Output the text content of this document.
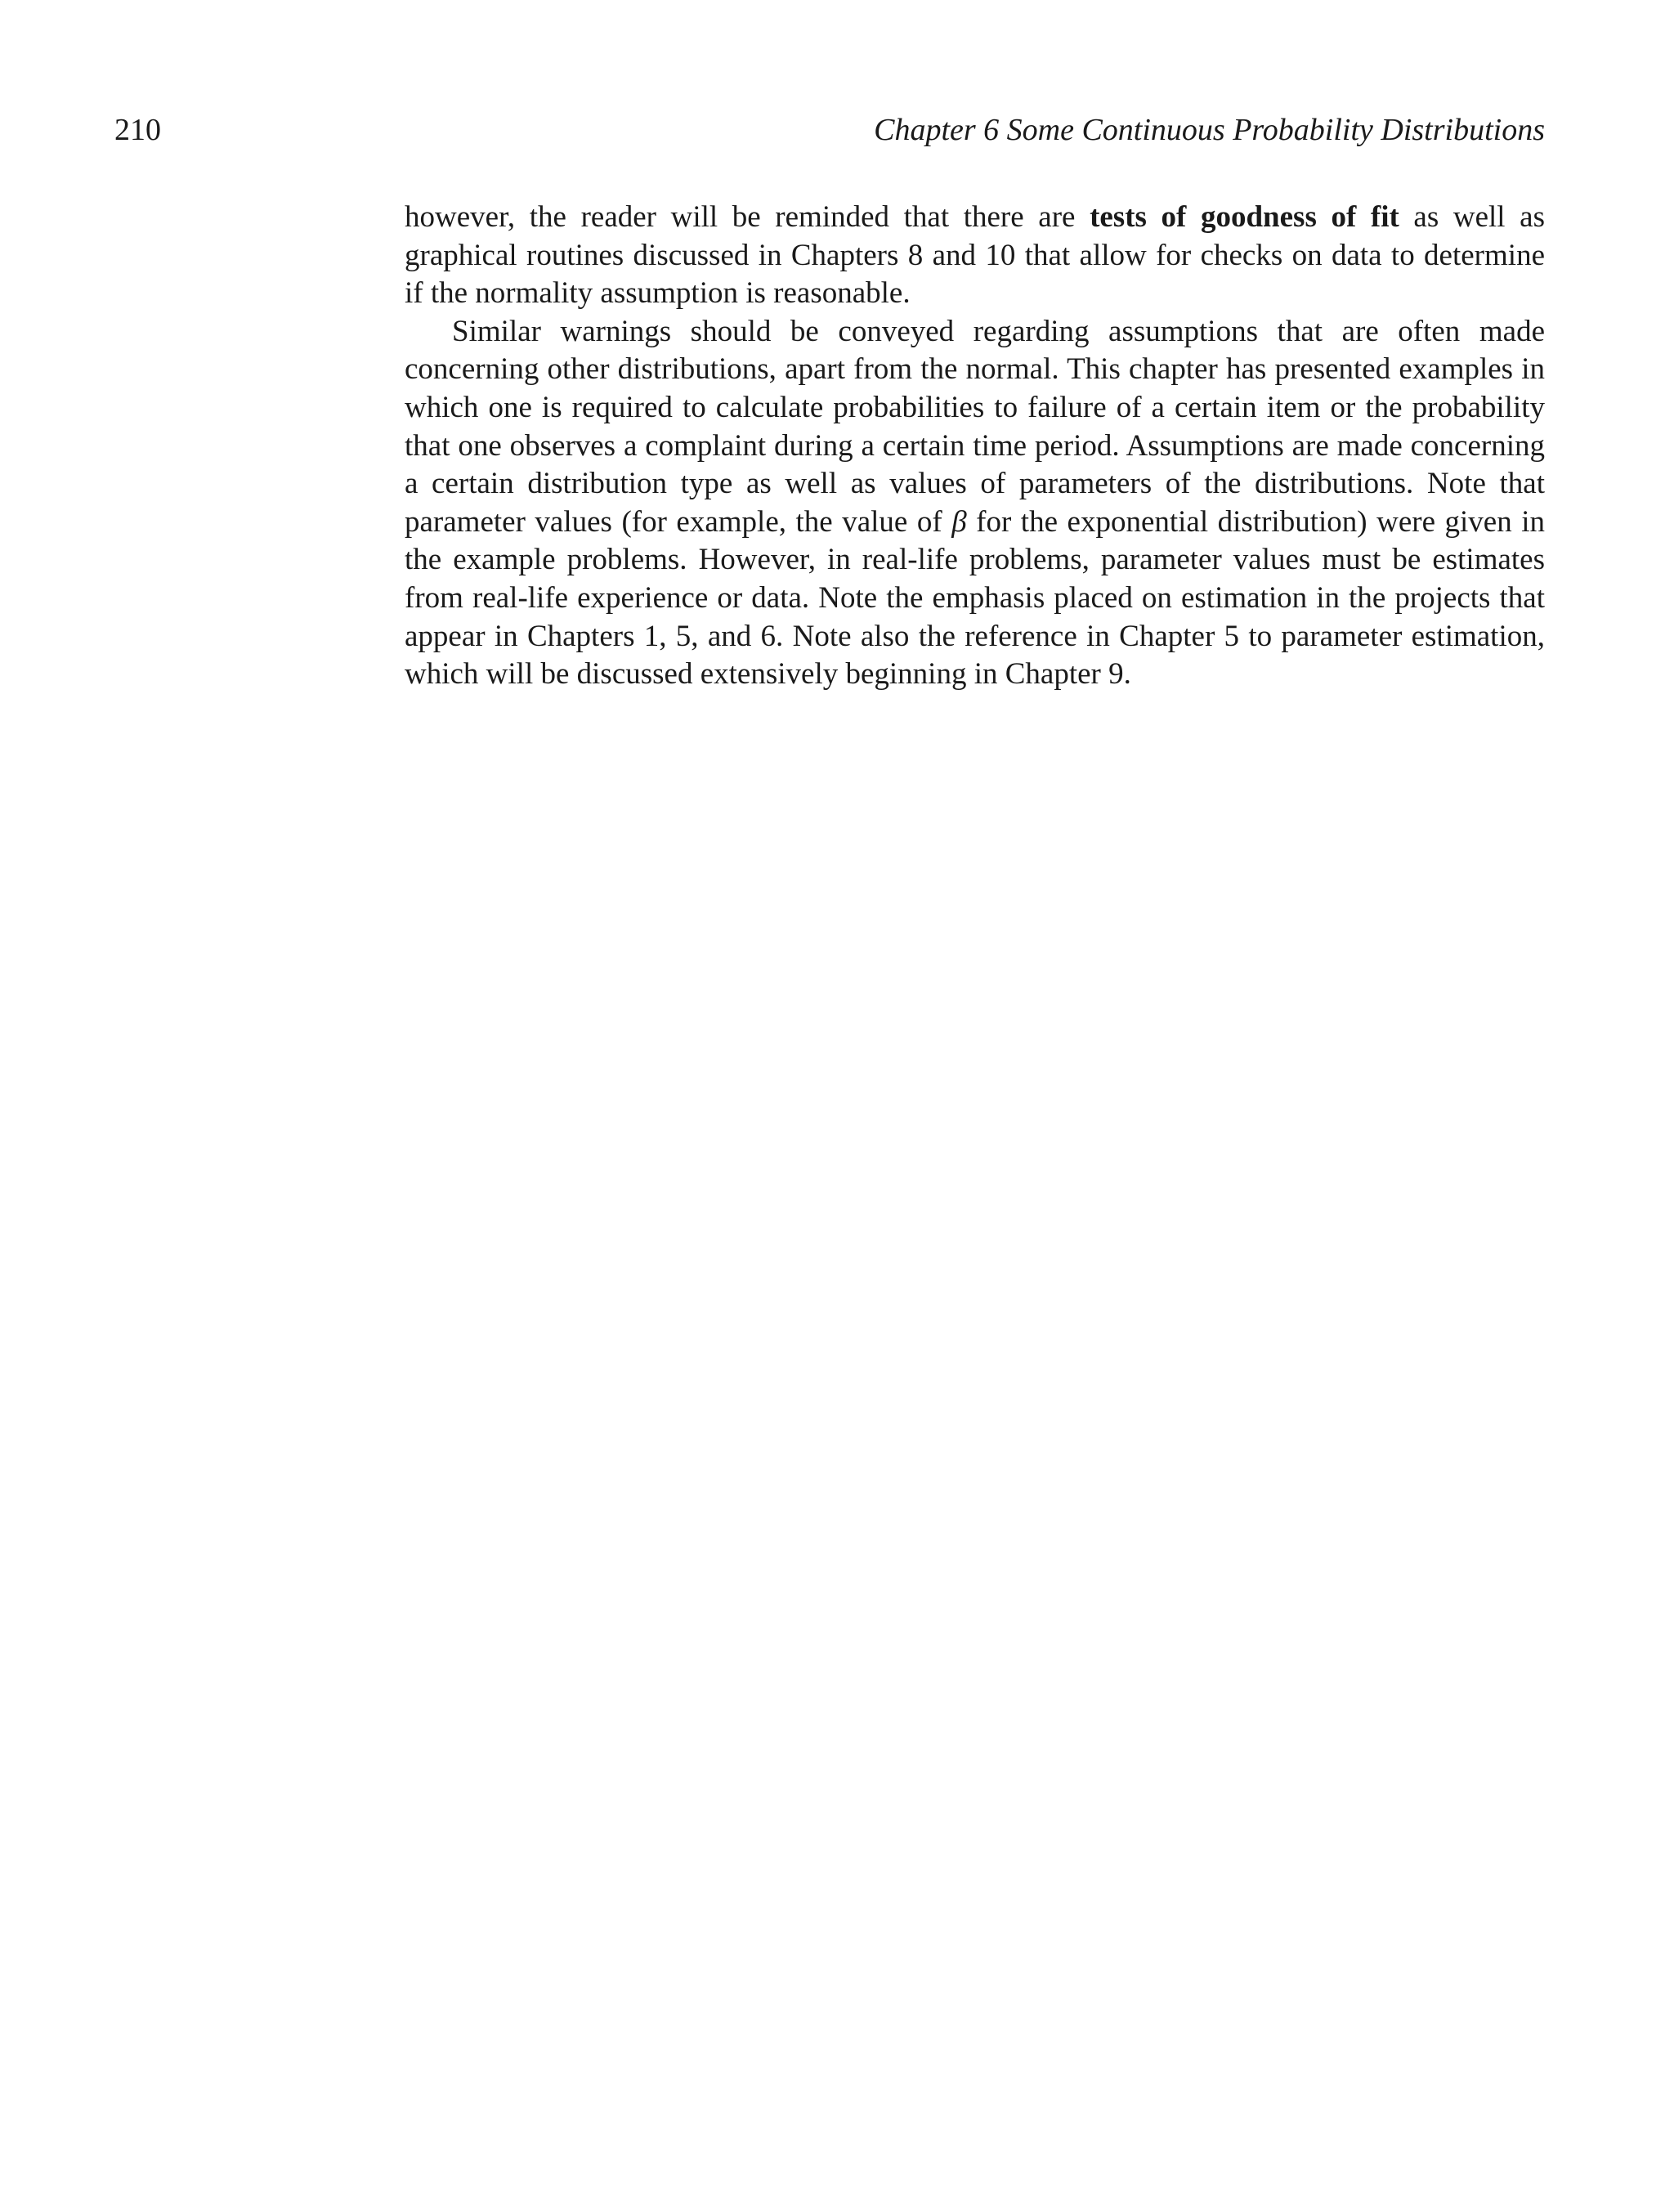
210	Chapter 6 Some Continuous Probability Distributions

however, the reader will be reminded that there are tests of goodness of fit as well as graphical routines discussed in Chapters 8 and 10 that allow for checks on data to determine if the normality assumption is reasonable.

Similar warnings should be conveyed regarding assumptions that are often made concerning other distributions, apart from the normal. This chapter has presented examples in which one is required to calculate probabilities to failure of a certain item or the probability that one observes a complaint during a certain time period. Assumptions are made concerning a certain distribution type as well as values of parameters of the distributions. Note that parameter values (for example, the value of β for the exponential distribution) were given in the example problems. However, in real-life problems, parameter values must be estimates from real-life experience or data. Note the emphasis placed on estimation in the projects that appear in Chapters 1, 5, and 6. Note also the reference in Chapter 5 to parameter estimation, which will be discussed extensively beginning in Chapter 9.
